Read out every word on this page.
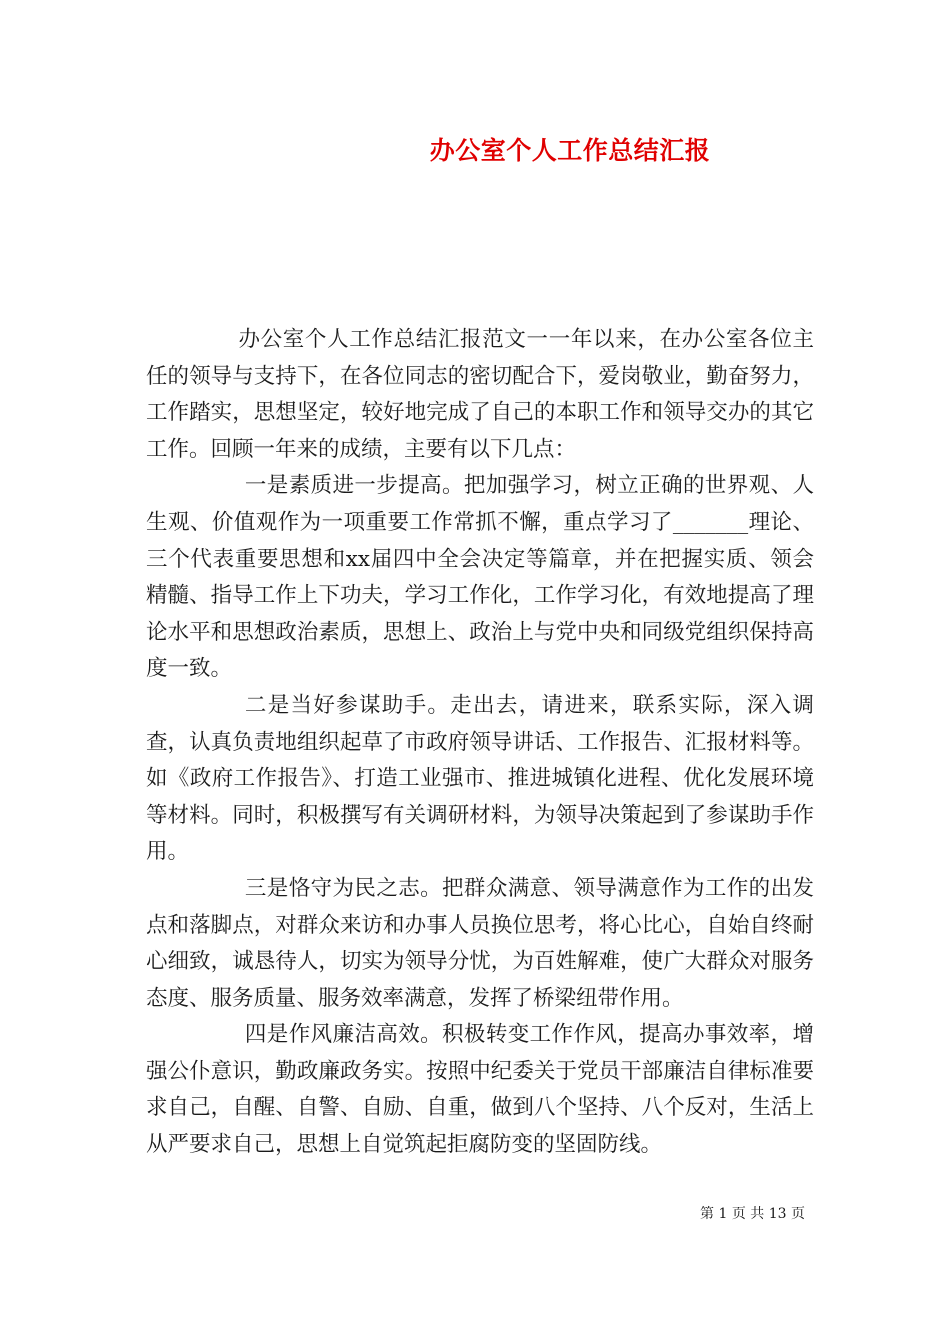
办公室个人工作总结汇报

办公室个人工作总结汇报范文一一年以来，在办公室各位主任的领导与支持下，在各位同志的密切配合下，爱岗敬业，勤奋努力，工作踏实，思想坚定，较好地完成了自己的本职工作和领导交办的其它工作。回顾一年来的成绩，主要有以下几点：

一是素质进一步提高。把加强学习，树立正确的世界观、人生观、价值观作为一项重要工作常抓不懈，重点学习了_______理论、三个代表重要思想和xx届四中全会决定等篇章，并在把握实质、领会精髓、指导工作上下功夫，学习工作化，工作学习化，有效地提高了理论水平和思想政治素质，思想上、政治上与党中央和同级党组织保持高度一致。

二是当好参谋助手。走出去，请进来，联系实际，深入调查，认真负责地组织起草了市政府领导讲话、工作报告、汇报材料等。如《政府工作报告》、打造工业强市、推进城镇化进程、优化发展环境等材料。同时，积极撰写有关调研材料，为领导决策起到了参谋助手作用。

三是恪守为民之志。把群众满意、领导满意作为工作的出发点和落脚点，对群众来访和办事人员换位思考，将心比心，自始自终耐心细致，诚恳待人，切实为领导分忧，为百姓解难，使广大群众对服务态度、服务质量、服务效率满意，发挥了桥梁纽带作用。

四是作风廉洁高效。积极转变工作作风，提高办事效率，增强公仆意识，勤政廉政务实。按照中纪委关于党员干部廉洁自律标准要求自己，自醒、自警、自励、自重，做到八个坚持、八个反对，生活上从严要求自己，思想上自觉筑起拒腐防变的坚固防线。

第 1 页 共 13 页
